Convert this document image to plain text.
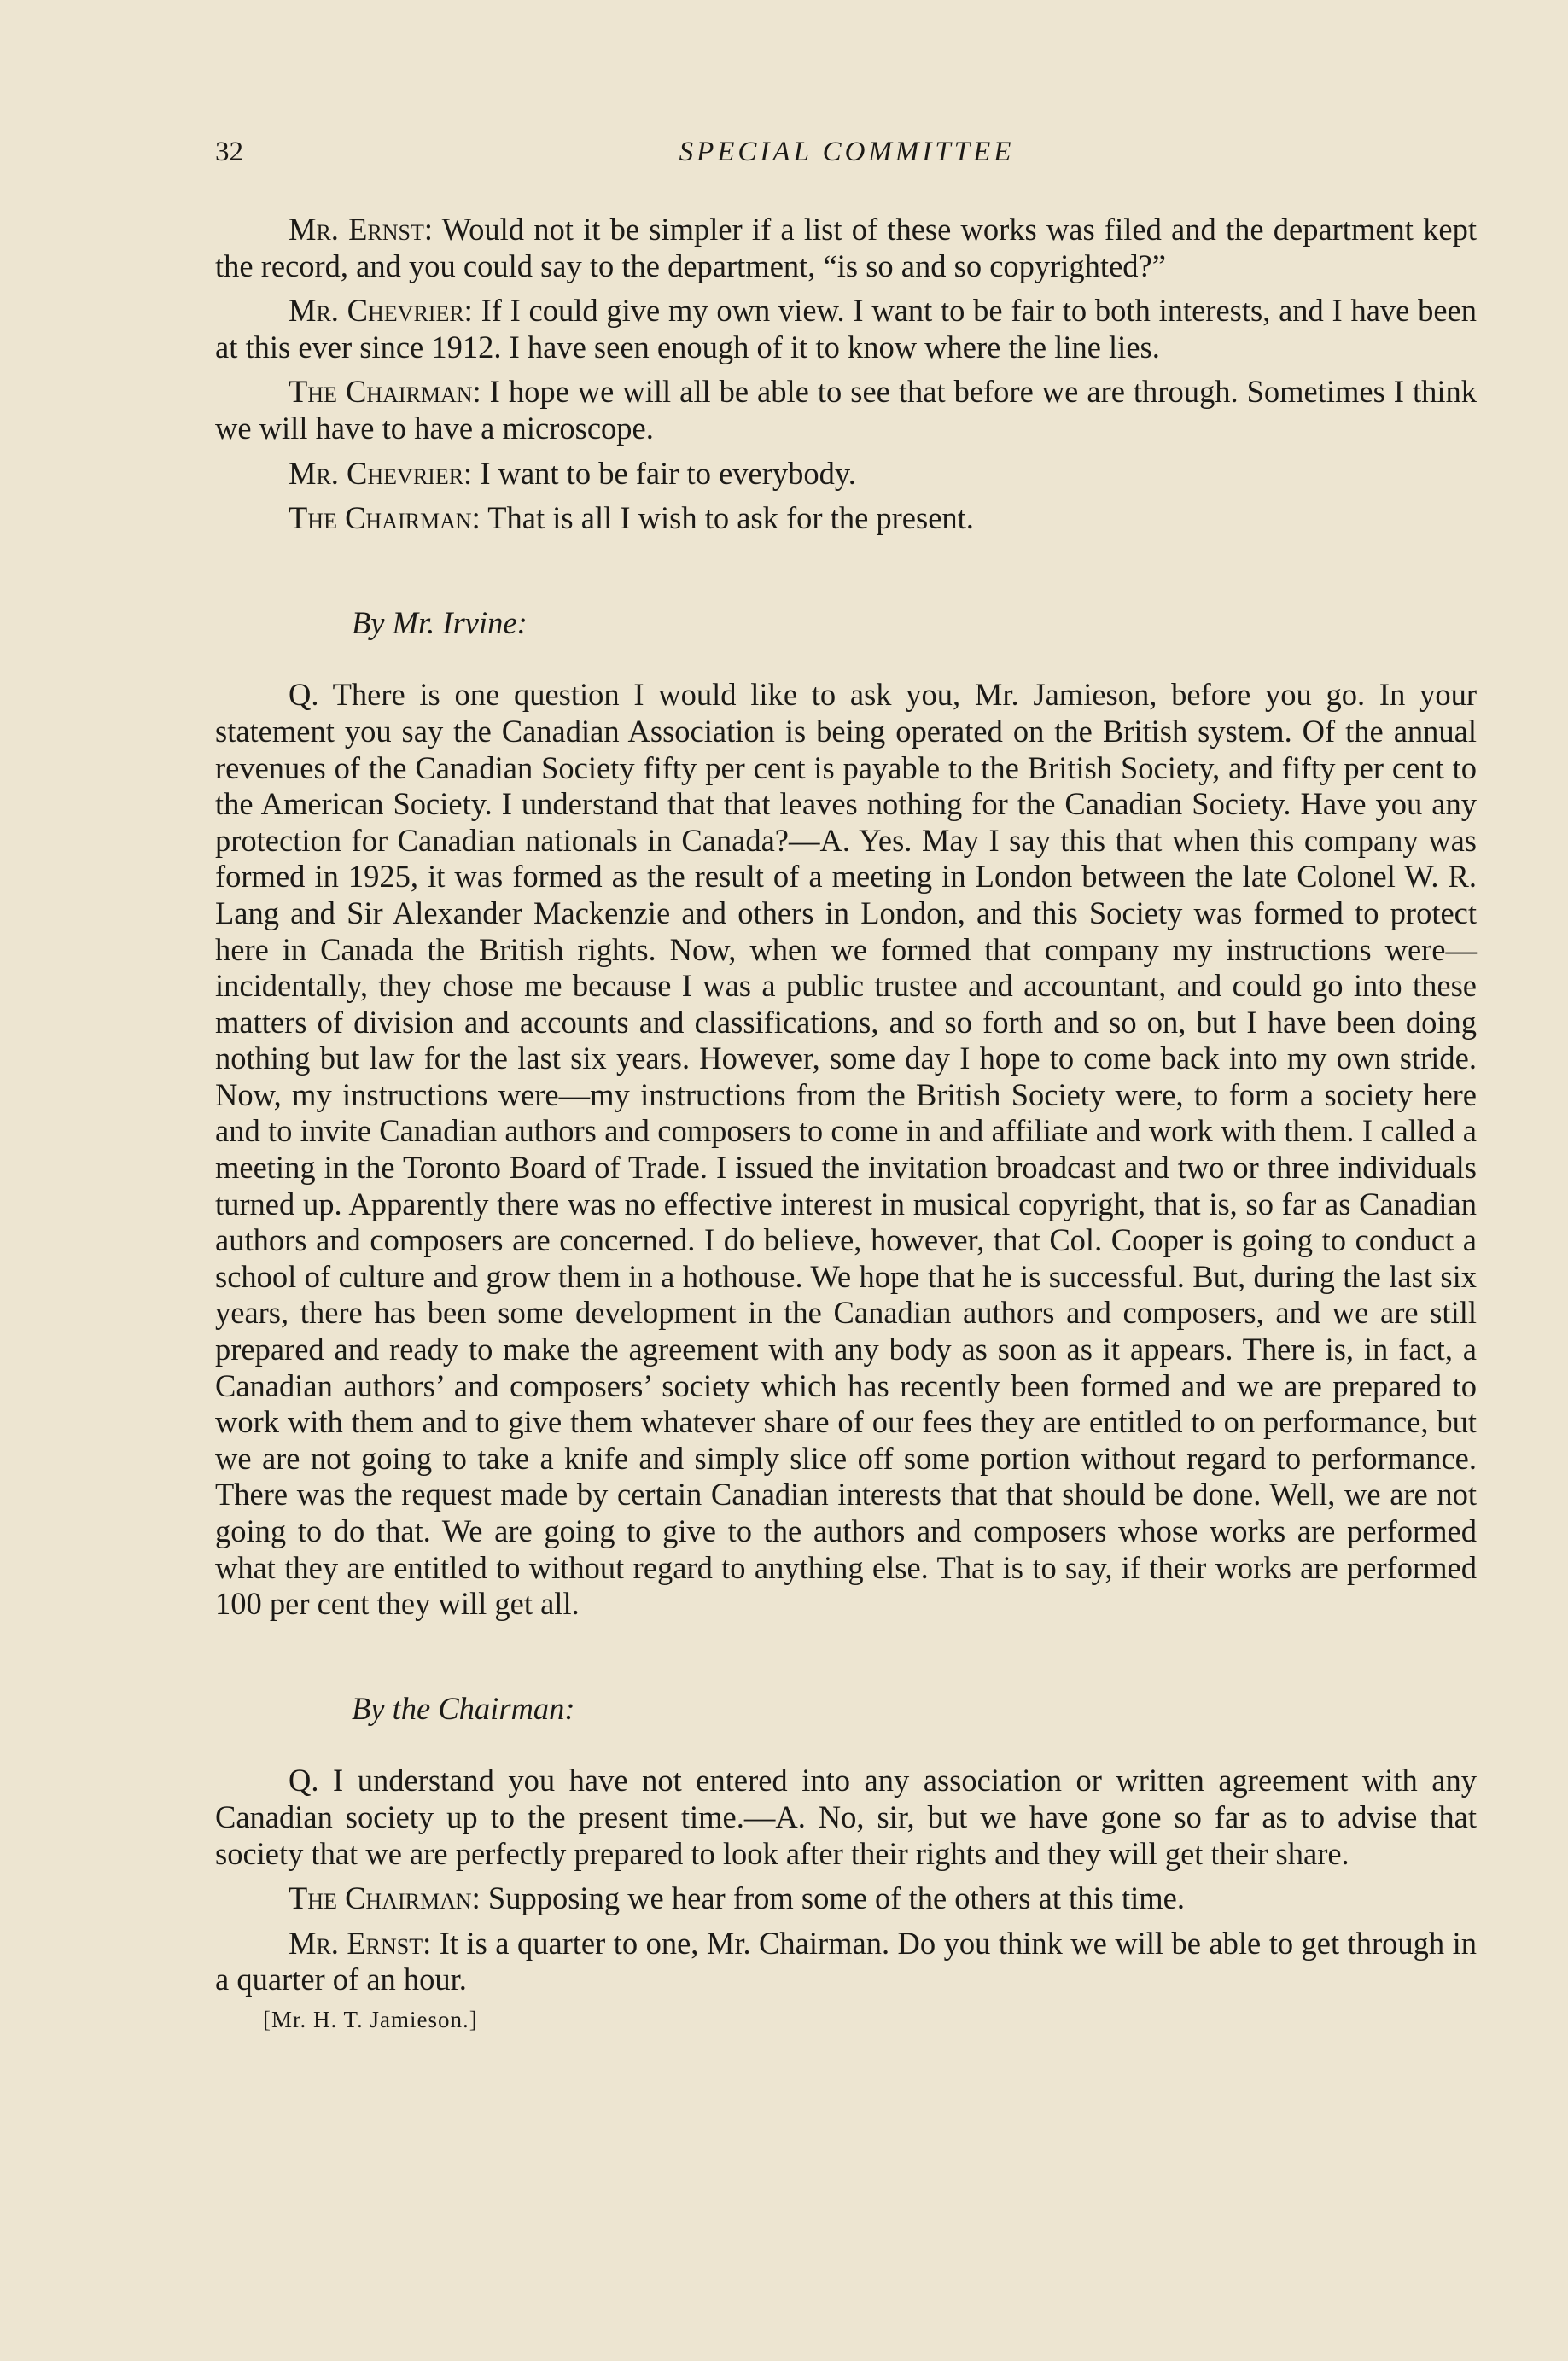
32	SPECIAL COMMITTEE

Mr. Ernst: Would not it be simpler if a list of these works was filed and the department kept the record, and you could say to the department, “is so and so copyrighted?”

Mr. Chevrier: If I could give my own view. I want to be fair to both interests, and I have been at this ever since 1912. I have seen enough of it to know where the line lies.

The Chairman: I hope we will all be able to see that before we are through. Sometimes I think we will have to have a microscope.

Mr. Chevrier: I want to be fair to everybody.

The Chairman: That is all I wish to ask for the present.

By Mr. Irvine:

Q. There is one question I would like to ask you, Mr. Jamieson, before you go. In your statement you say the Canadian Association is being operated on the British system. Of the annual revenues of the Canadian Society fifty per cent is payable to the British Society, and fifty per cent to the American Society. I understand that that leaves nothing for the Canadian Society. Have you any protection for Canadian nationals in Canada?—A. Yes. May I say this that when this company was formed in 1925, it was formed as the result of a meeting in London between the late Colonel W. R. Lang and Sir Alexander Mackenzie and others in London, and this Society was formed to protect here in Canada the British rights. Now, when we formed that company my instructions were—incidentally, they chose me because I was a public trustee and accountant, and could go into these matters of division and accounts and classifications, and so forth and so on, but I have been doing nothing but law for the last six years. However, some day I hope to come back into my own stride. Now, my instructions were—my instructions from the British Society were, to form a society here and to invite Canadian authors and composers to come in and affiliate and work with them. I called a meeting in the Toronto Board of Trade. I issued the invitation broadcast and two or three individuals turned up. Apparently there was no effective interest in musical copyright, that is, so far as Canadian authors and composers are concerned. I do believe, however, that Col. Cooper is going to conduct a school of culture and grow them in a hothouse. We hope that he is successful. But, during the last six years, there has been some development in the Canadian authors and composers, and we are still prepared and ready to make the agreement with any body as soon as it appears. There is, in fact, a Canadian authors’ and composers’ society which has recently been formed and we are prepared to work with them and to give them whatever share of our fees they are entitled to on performance, but we are not going to take a knife and simply slice off some portion without regard to performance. There was the request made by certain Canadian interests that that should be done. Well, we are not going to do that. We are going to give to the authors and composers whose works are performed what they are entitled to without regard to anything else. That is to say, if their works are performed 100 per cent they will get all.

By the Chairman:

Q. I understand you have not entered into any association or written agreement with any Canadian society up to the present time.—A. No, sir, but we have gone so far as to advise that society that we are perfectly prepared to look after their rights and they will get their share.

The Chairman: Supposing we hear from some of the others at this time.

Mr. Ernst: It is a quarter to one, Mr. Chairman. Do you think we will be able to get through in a quarter of an hour.

[Mr. H. T. Jamieson.]
